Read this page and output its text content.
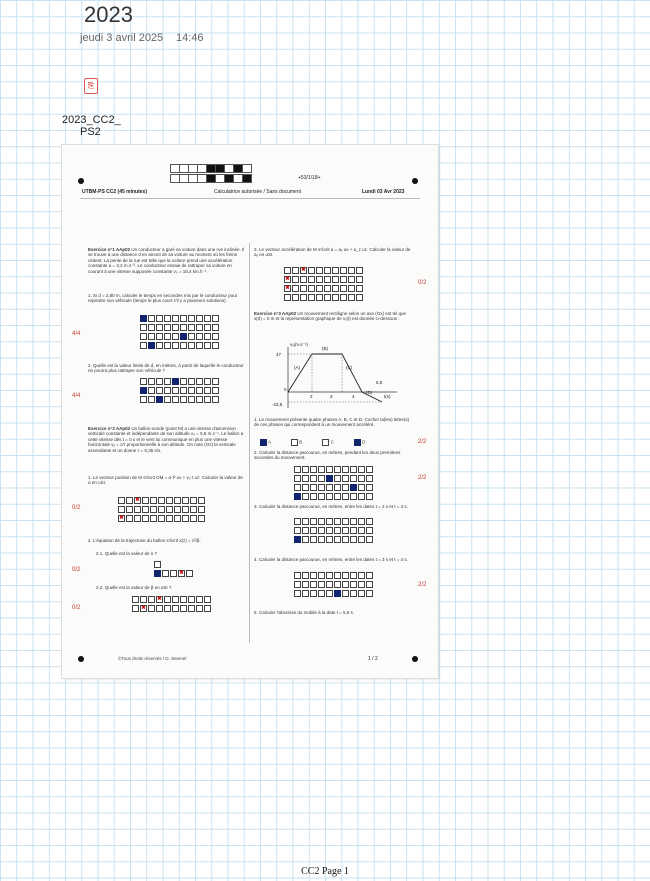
2023
jeudi 3 avril 2025 14:46
⎘
2023_CC2_
PS2
+53/1/18+
UTBM-PS CC2 (45 minutes)	Calculatrice autorisée / Sans document	Lundi 03 Avr 2023
Exercice n°1 AAp02 Un conducteur a garé sa voiture dans une rue inclinée. Il se trouve à une distance d en amont de sa voiture au moment où les freins cèdent. La pente de la rue est telle que la voiture prend une accélération constante a = 3,2 m.s⁻². Le conducteur essaie de rattraper sa voiture en courant à une vitesse supposée constante v₀ = 18,4 km.h⁻¹.
1. Si d = 2,80 m, calculer le temps en secondes mis par le conducteur pour rejoindre son véhicule (temps le plus court s'il y a plusieurs solutions).
4/4
2. Quelle est la valeur limite de d, en mètres, à partir de laquelle le conducteur ne pourra plus rattraper son véhicule ?
4/4
Exercice n°2 AAp02 Un ballon-sonde (point M) a une vitesse d'ascension verticale constante et indépendante de son altitude v₀ = 5,6 m.s⁻¹. Le ballon a cette vitesse dès t = 0 s et le vent lui communique en plus une vitesse horizontale vₓ = z/τ proportionnelle à son altitude. On note (Oz) la verticale ascendante et on donne τ = 0,35 s/s.
1. Le vecteur position de M s'écrit OM = α·t² ux + v₀·t uz. Calculer la valeur de α en uSI.
✖
✖
0/2
2. L'équation de la trajectoire du ballon s'écrit x(z) = z²/β.
2.1. Quelle est la valeur de n ?
✖
0/2
2.2. Quelle est la valeur de β en uSI ?
✖
✖
0/2
3. Le vecteur accélération de M s'écrit a = aₓ ux + a_z uz. Calculer la valeur de aₓ en uSI.
✖
✖
✖
0/2
Exercice n°3 AAp02 Un mouvement rectiligne selon un axe (Ox) est tel que x(0) = 0 m et la représentation graphique de vₓ(t) est donnée ci-dessous :
vₓ(m.s⁻¹)
t(s)
47
-23,5
0
2	3	4
5,5
(A)
(B)
(C)
(D)
1. Le mouvement présente quatre phases A, B, C et D. Cocher la(les) lettre(s) de ces phases qui correspondent à un mouvement accéléré.
A	B	C	D	2/2
2. Calculer la distance parcourue, en mètres, pendant les deux premières secondes du mouvement.
2/2
3. Calculer la distance parcourue, en mètres, entre les dates t = 2 s et t = 3 s.
4. Calculer la distance parcourue, en mètres, entre les dates t = 3 s et t = 4 s.
2/2
5. Calculer l'abscisse du mobile à la date t = 5,5 s.
©Tous droits réservés / D. Steenel	1 / 2
CC2 Page 1
